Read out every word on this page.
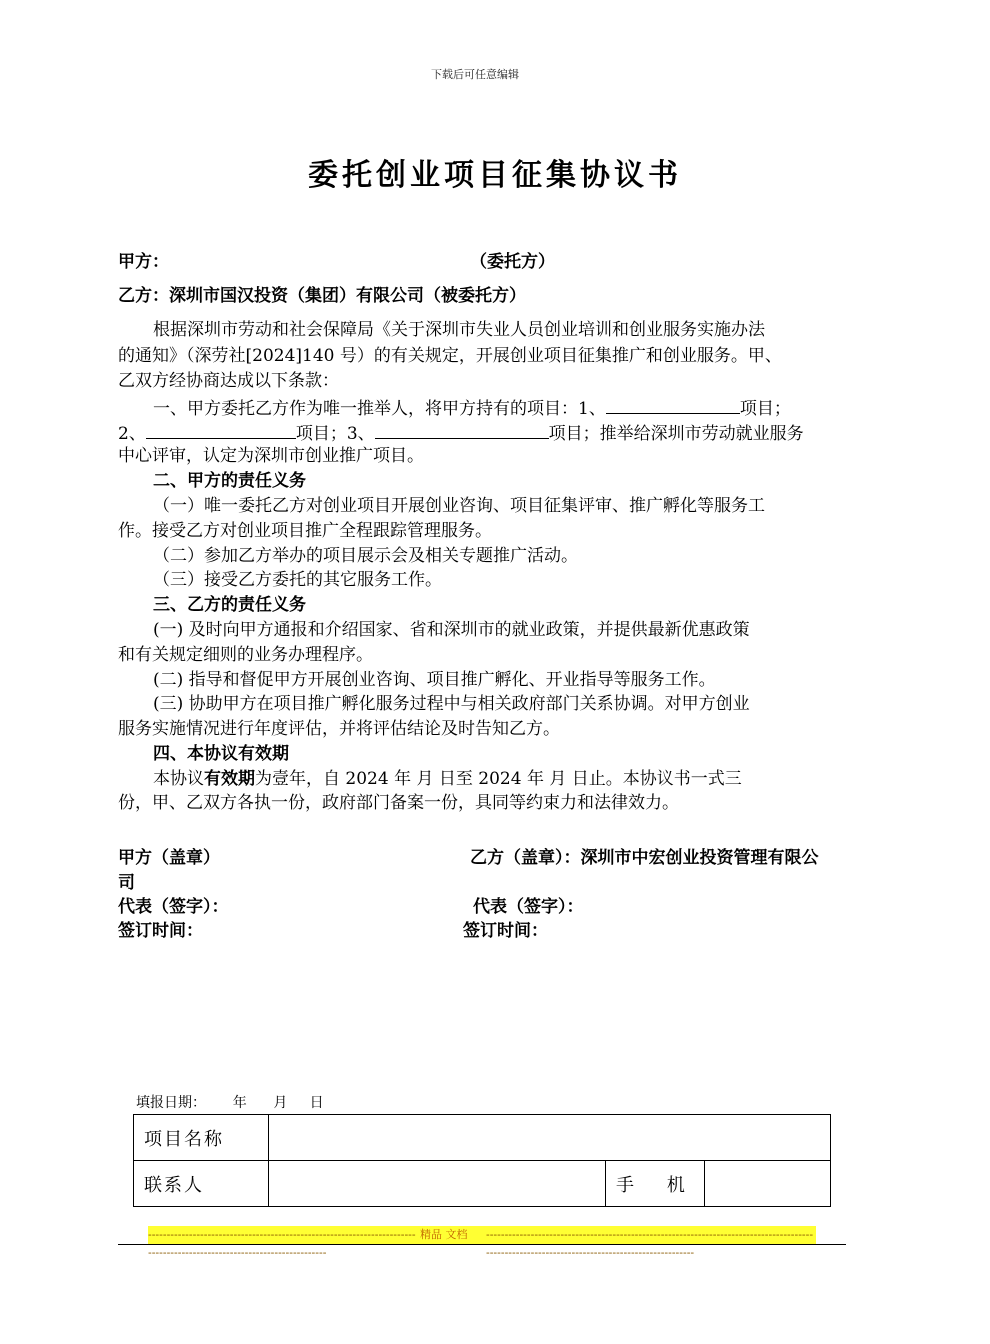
下载后可任意编辑
委托创业项目征集协议书
甲方：	（委托方）
乙方：深圳市国汉投资（集团）有限公司（被委托方）
根据深圳市劳动和社会保障局《关于深圳市失业人员创业培训和创业服务实施办法
的通知》（深劳社[2024]140 号）的有关规定，开展创业项目征集推广和创业服务。甲、
乙双方经协商达成以下条款：
一、甲方委托乙方作为唯一推举人，将甲方持有的项目：1、	项目；
2、	项目；3、	项目；推举给深圳市劳动就业服务
中心评审，认定为深圳市创业推广项目。
二、甲方的责任义务
（一）唯一委托乙方对创业项目开展创业咨询、项目征集评审、推广孵化等服务工
作。接受乙方对创业项目推广全程跟踪管理服务。
（二）参加乙方举办的项目展示会及相关专题推广活动。
（三）接受乙方委托的其它服务工作。
三、乙方的责任义务
(一) 及时向甲方通报和介绍国家、省和深圳市的就业政策，并提供最新优惠政策
和有关规定细则的业务办理程序。
(二) 指导和督促甲方开展创业咨询、项目推广孵化、开业指导等服务工作。
(三) 协助甲方在项目推广孵化服务过程中与相关政府部门关系协调。对甲方创业
服务实施情况进行年度评估，并将评估结论及时告知乙方。
四、本协议有效期
本协议有效期为壹年，自 2024 年 月 日至 2024 年 月 日止。本协议书一式三
份，甲、乙双方各执一份，政府部门备案一份，具同等约束力和法律效力。
甲方（盖章）	乙方（盖章）：深圳市中宏创业投资管理有限公
司
代表（签字）：	代表（签字）：
签订时间：	签订时间：
填报日期：      年      月     日
项目名称			
联系人		手    机	
------------------------------------------------------------------------------------------------------------------------
精品 文档 ------------------------------------------------------------------------------------------------------------------------------------------------
